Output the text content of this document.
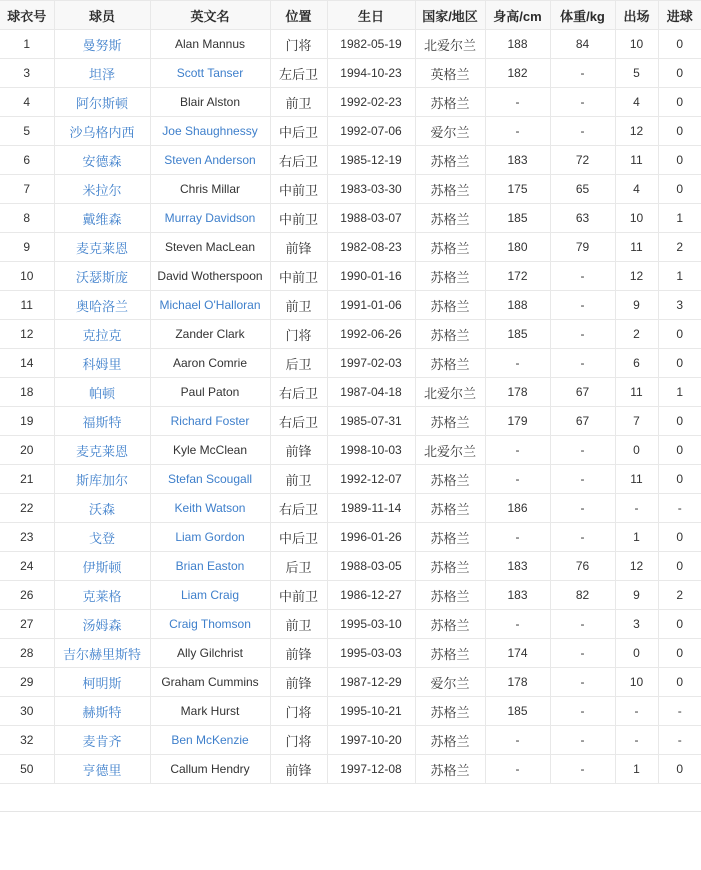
球衣号	球员	英文名	位置	生日	国家/地区	身高/cm	体重/kg	出场	进球
1	曼努斯	Alan Mannus	门将	1982-05-19	北爱尔兰	188	84	10	0
3	坦泽	Scott Tanser	左后卫	1994-10-23	英格兰	182	-	5	0
4	阿尔斯顿	Blair Alston	前卫	1992-02-23	苏格兰	-	-	4	0
5	沙乌格内西	Joe Shaughnessy	中后卫	1992-07-06	爱尔兰	-	-	12	0
6	安德森	Steven Anderson	右后卫	1985-12-19	苏格兰	183	72	11	0
7	米拉尔	Chris Millar	中前卫	1983-03-30	苏格兰	175	65	4	0
8	戴维森	Murray Davidson	中前卫	1988-03-07	苏格兰	185	63	10	1
9	麦克莱恩	Steven MacLean	前锋	1982-08-23	苏格兰	180	79	11	2
10	沃瑟斯庞	David Wotherspoon	中前卫	1990-01-16	苏格兰	172	-	12	1
11	奥哈洛兰	Michael O'Halloran	前卫	1991-01-06	苏格兰	188	-	9	3
12	克拉克	Zander Clark	门将	1992-06-26	苏格兰	185	-	2	0
14	科姆里	Aaron Comrie	后卫	1997-02-03	苏格兰	-	-	6	0
18	帕顿	Paul Paton	右后卫	1987-04-18	北爱尔兰	178	67	11	1
19	福斯特	Richard Foster	右后卫	1985-07-31	苏格兰	179	67	7	0
20	麦克莱恩	Kyle McClean	前锋	1998-10-03	北爱尔兰	-	-	0	0
21	斯库加尔	Stefan Scougall	前卫	1992-12-07	苏格兰	-	-	11	0
22	沃森	Keith Watson	右后卫	1989-11-14	苏格兰	186	-	-	-
23	戈登	Liam Gordon	中后卫	1996-01-26	苏格兰	-	-	1	0
24	伊斯顿	Brian Easton	后卫	1988-03-05	苏格兰	183	76	12	0
26	克莱格	Liam Craig	中前卫	1986-12-27	苏格兰	183	82	9	2
27	汤姆森	Craig Thomson	前卫	1995-03-10	苏格兰	-	-	3	0
28	吉尔赫里斯特	Ally Gilchrist	前锋	1995-03-03	苏格兰	174	-	0	0
29	柯明斯	Graham Cummins	前锋	1987-12-29	爱尔兰	178	-	10	0
30	赫斯特	Mark Hurst	门将	1995-10-21	苏格兰	185	-	-	-
32	麦肯齐	Ben McKenzie	门将	1997-10-20	苏格兰	-	-	-	-
50	亨德里	Callum Hendry	前锋	1997-12-08	苏格兰	-	-	1	0
